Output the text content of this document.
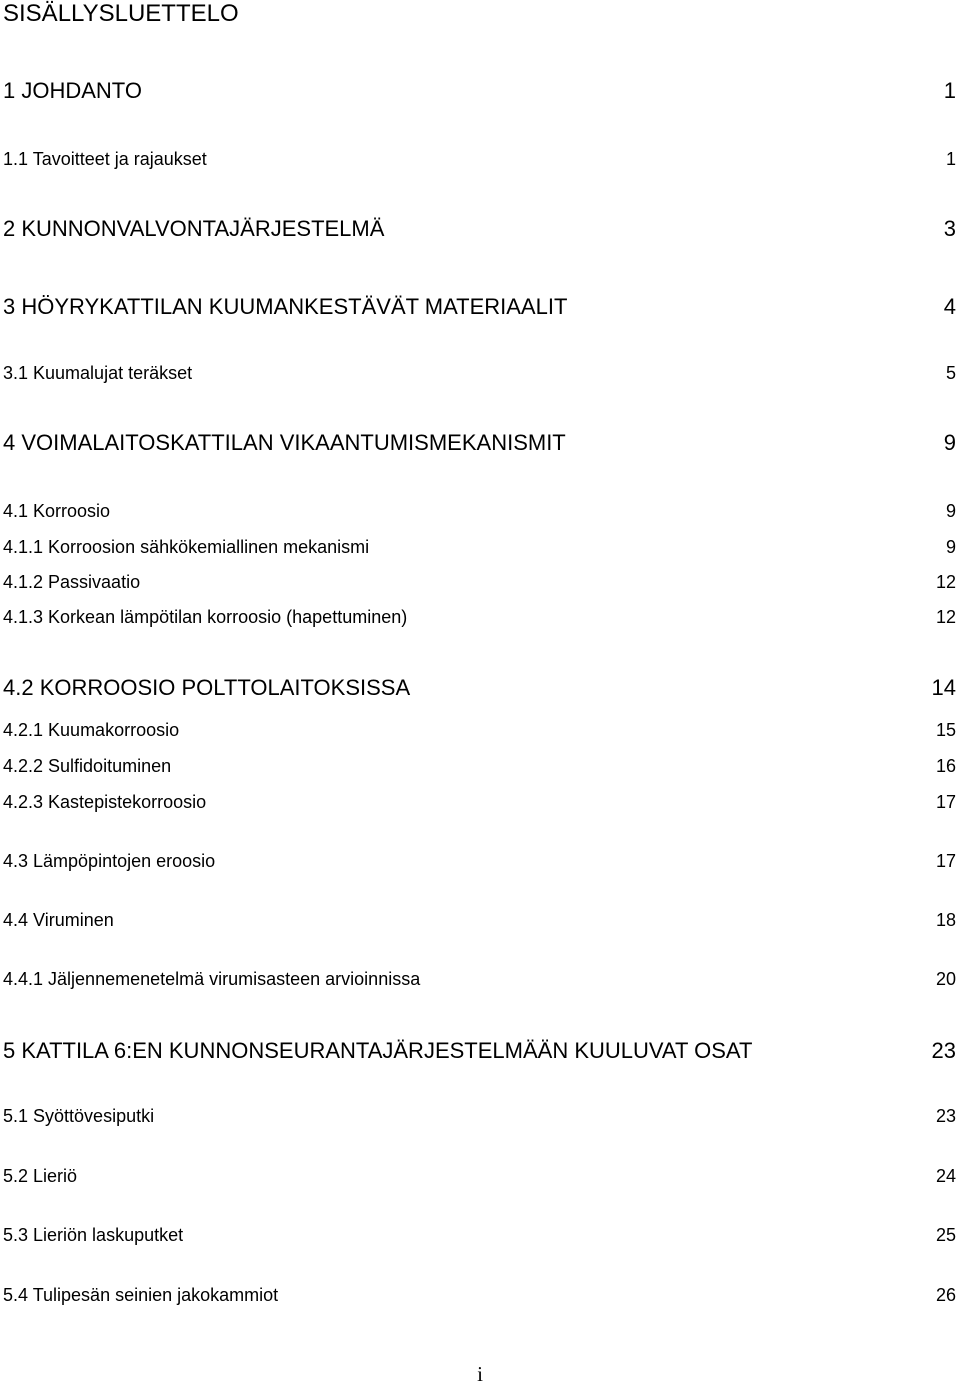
SISÄLLYSLUETTELO
1 JOHDANTO	1
1.1 Tavoitteet ja rajaukset	1
2 KUNNONVALVONTAJÄRJESTELMÄ	3
3 HÖYRYKATTILAN KUUMANKESTÄVÄT MATERIAALIT	4
3.1 Kuumalujat teräkset	5
4 VOIMALAITOSKATTILAN VIKAANTUMISMEKANISMIT	9
4.1 Korroosio	9
4.1.1 Korroosion sähkökemiallinen mekanismi	9
4.1.2 Passivaatio	12
4.1.3 Korkean lämpötilan korroosio (hapettuminen)	12
4.2 KORROOSIO POLTTOLAITOKSISSA	14
4.2.1 Kuumakorroosio	15
4.2.2 Sulfidoituminen	16
4.2.3 Kastepistekorroosio	17
4.3 Lämpöpintojen eroosio	17
4.4 Viruminen	18
4.4.1 Jäljennemenetelmä virumisasteen arvioinnissa	20
5 KATTILA 6:EN KUNNONSEURANTAJÄRJESTELMÄÄN KUULUVAT OSAT	23
5.1 Syöttövesiputki	23
5.2 Lieriö	24
5.3 Lieriön laskuputket	25
5.4 Tulipesän seinien jakokammiot	26
i
